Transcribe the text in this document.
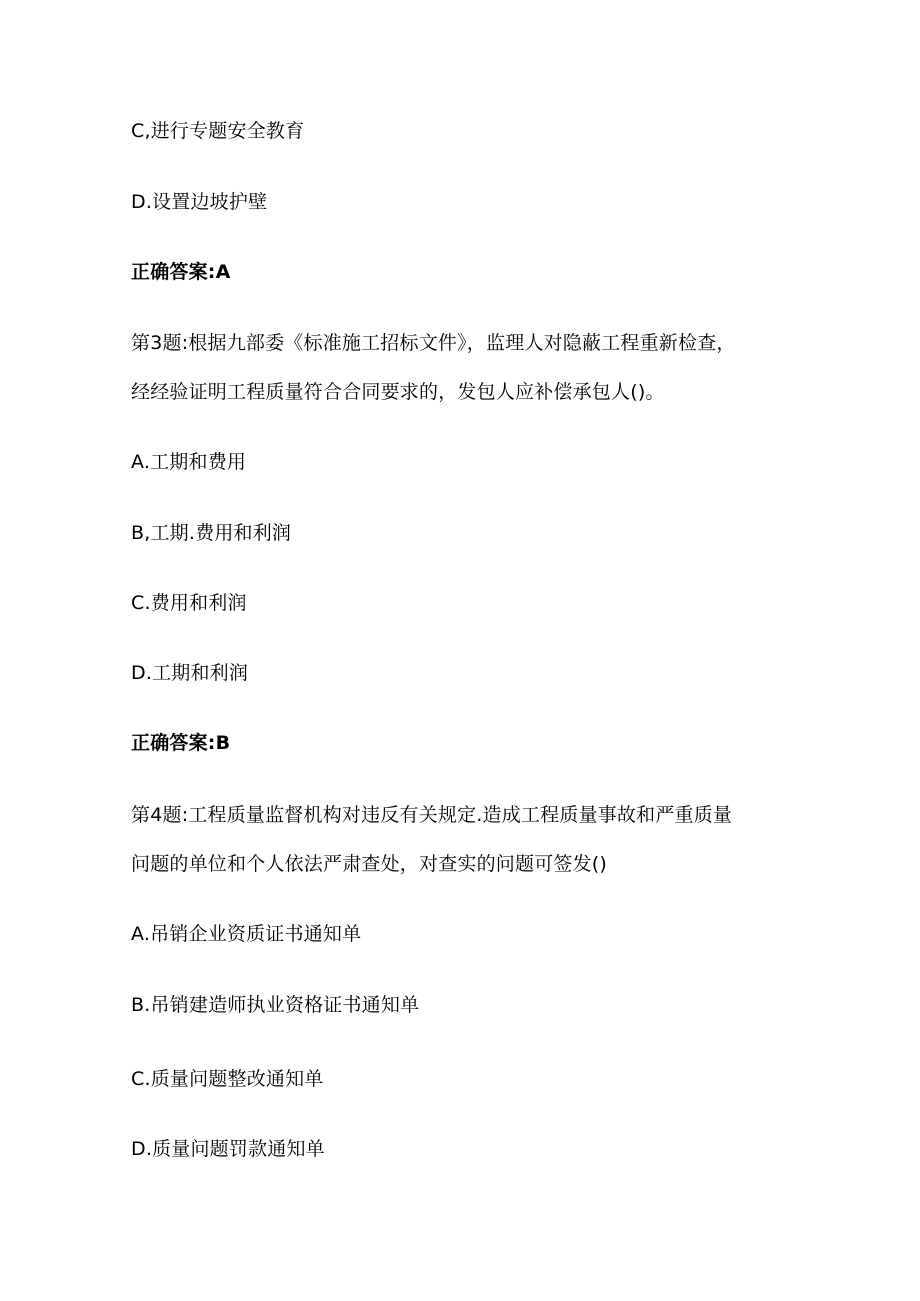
C,进行专题安全教育
D.设置边坡护壁
正确答案:A
第3题:根据九部委《标准施工招标文件》，监理人对隐蔽工程重新检查，
经经验证明工程质量符合合同要求的，发包人应补偿承包人()。
A.工期和费用
B,工期.费用和利润
C.费用和利润
D.工期和利润
正确答案:B
第4题:工程质量监督机构对违反有关规定.造成工程质量事故和严重质量
问题的单位和个人依法严肃查处，对查实的问题可签发()
A.吊销企业资质证书通知单
B.吊销建造师执业资格证书通知单
C.质量问题整改通知单
D.质量问题罚款通知单
